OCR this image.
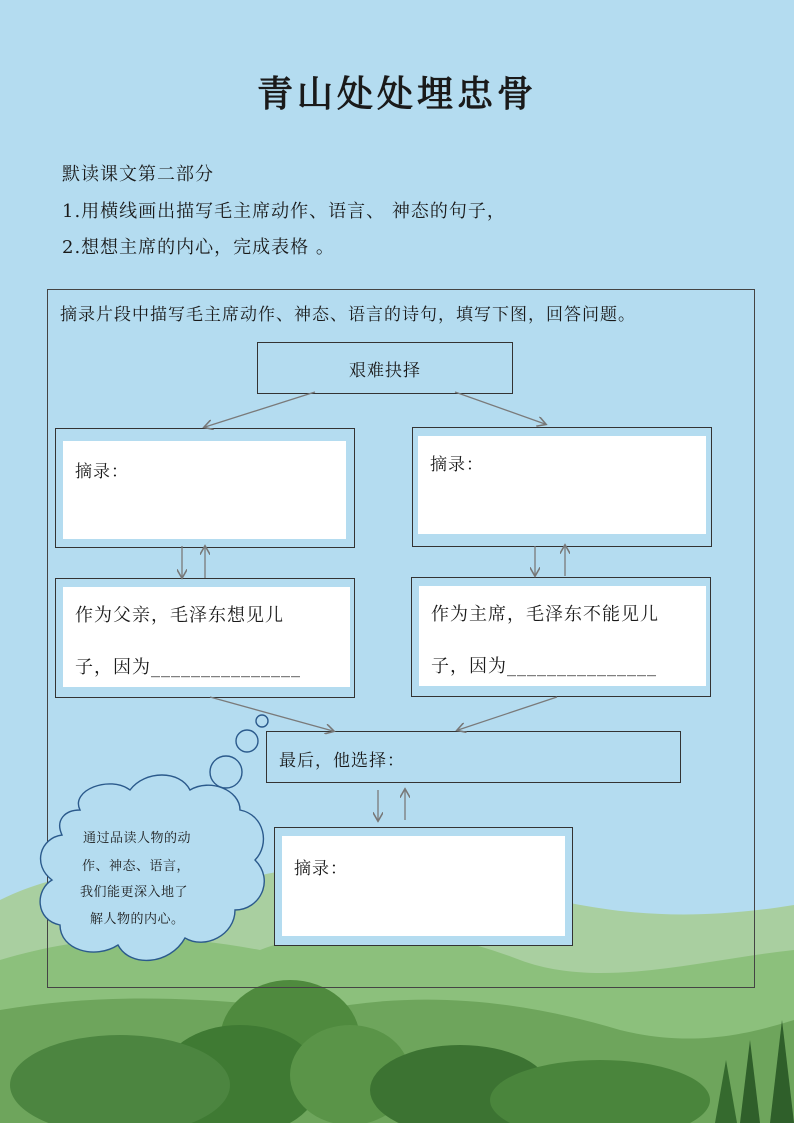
青山处处埋忠骨
默读课文第二部分
1.用横线画出描写毛主席动作、语言、 神态的句子，
2.想想主席的内心，完成表格 。
摘录片段中描写毛主席动作、神态、语言的诗句，填写下图，回答问题。
艰难抉择
摘录：	摘录：
作为父亲，毛泽东想见儿
子，因为_______________
作为主席，毛泽东不能见儿
子，因为_______________
最后，他选择：
摘录：
通过品读人物的动
作、神态、语言，
我们能更深入地了
解人物的内心。
